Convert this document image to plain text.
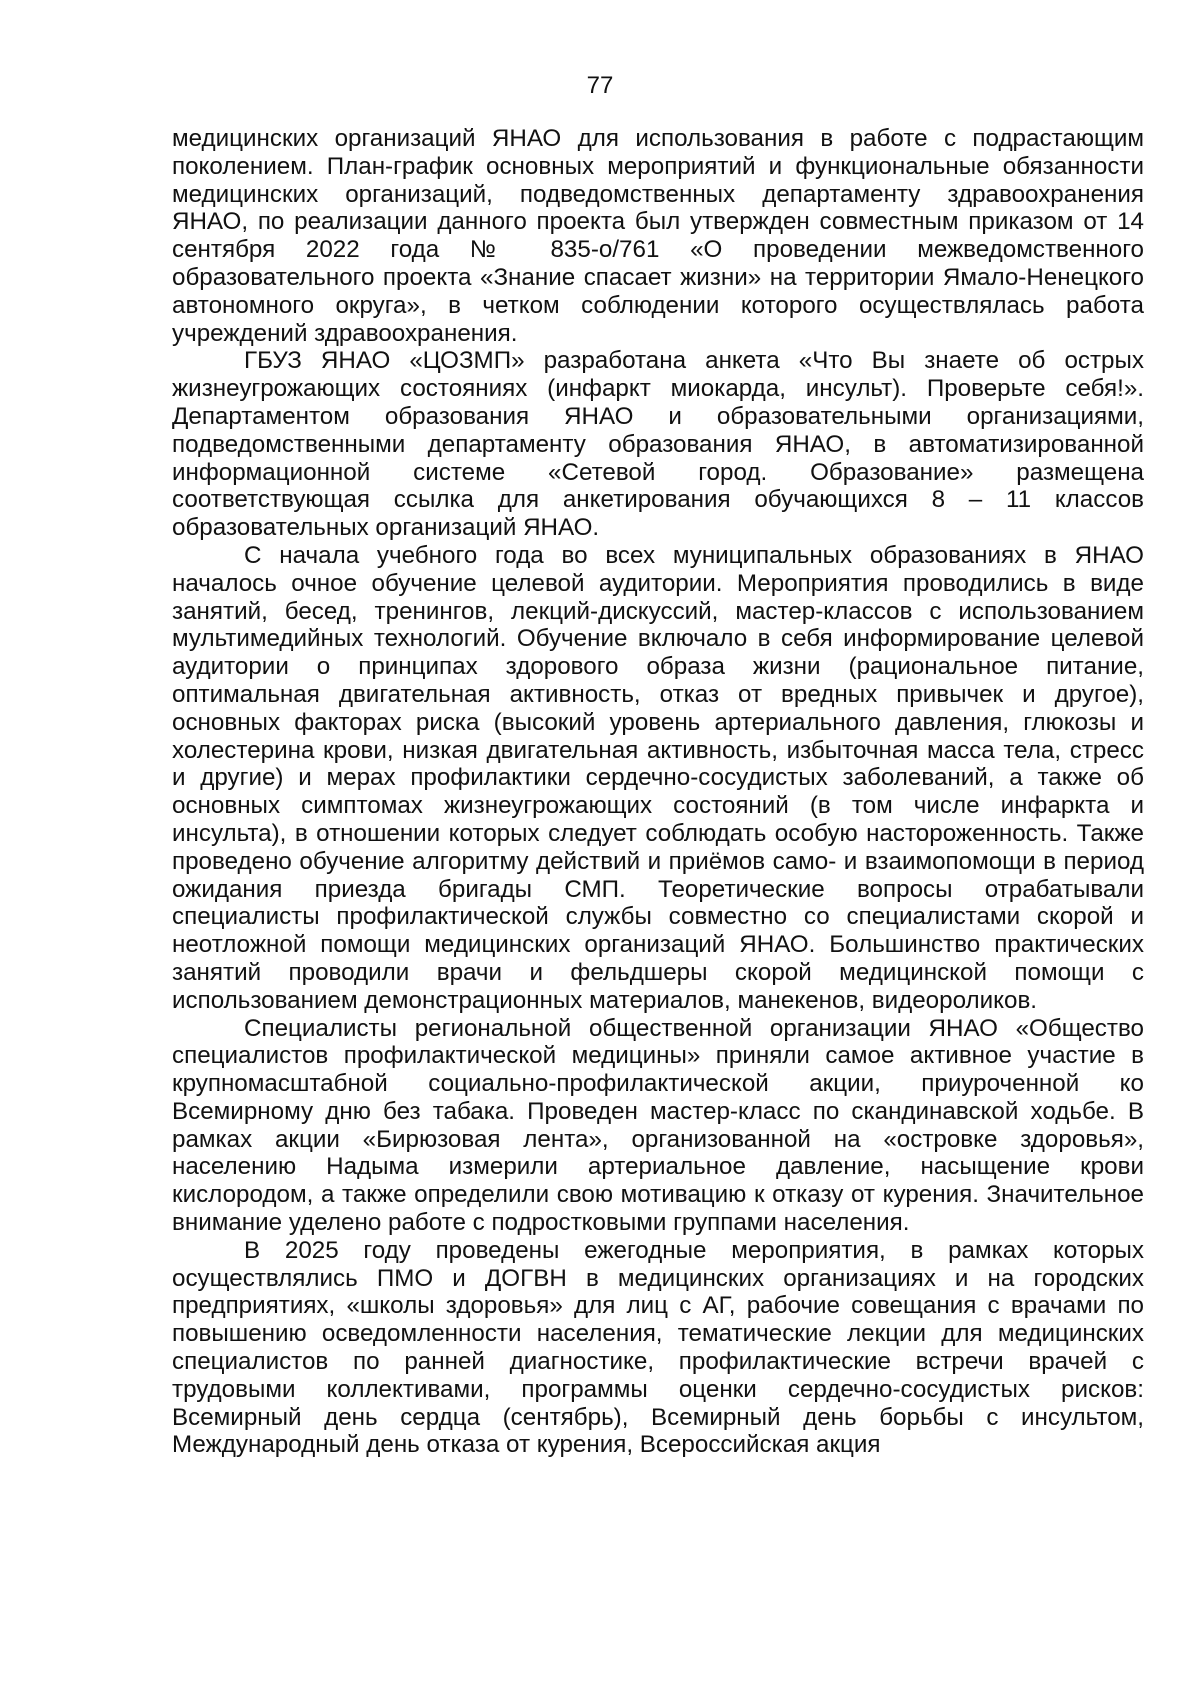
77

медицинских организаций ЯНАО для использования в работе с подрастающим поколением. План-график основных мероприятий и функциональные обязанности медицинских организаций, подведомственных департаменту здравоохранения ЯНАО, по реализации данного проекта был утвержден совместным приказом от 14 сентября 2022 года № 835-о/761 «О проведении межведомственного образовательного проекта «Знание спасает жизни» на территории Ямало-Ненецкого автономного округа», в четком соблюдении которого осуществлялась работа учреждений здравоохранения.

ГБУЗ ЯНАО «ЦОЗМП» разработана анкета «Что Вы знаете об острых жизнеугрожающих состояниях (инфаркт миокарда, инсульт). Проверьте себя!». Департаментом образования ЯНАО и образовательными организациями, подведомственными департаменту образования ЯНАО, в автоматизированной информационной системе «Сетевой город. Образование» размещена соответствующая ссылка для анкетирования обучающихся 8 – 11 классов образовательных организаций ЯНАО.

С начала учебного года во всех муниципальных образованиях в ЯНАО началось очное обучение целевой аудитории. Мероприятия проводились в виде занятий, бесед, тренингов, лекций-дискуссий, мастер-классов с использованием мультимедийных технологий. Обучение включало в себя информирование целевой аудитории о принципах здорового образа жизни (рациональное питание, оптимальная двигательная активность, отказ от вредных привычек и другое), основных факторах риска (высокий уровень артериального давления, глюкозы и холестерина крови, низкая двигательная активность, избыточная масса тела, стресс и другие) и мерах профилактики сердечно-сосудистых заболеваний, а также об основных симптомах жизнеугрожающих состояний (в том числе инфаркта и инсульта), в отношении которых следует соблюдать особую настороженность. Также проведено обучение алгоритму действий и приёмов само- и взаимопомощи в период ожидания приезда бригады СМП. Теоретические вопросы отрабатывали специалисты профилактической службы совместно со специалистами скорой и неотложной помощи медицинских организаций ЯНАО. Большинство практических занятий проводили врачи и фельдшеры скорой медицинской помощи с использованием демонстрационных материалов, манекенов, видеороликов.

Специалисты региональной общественной организации ЯНАО «Общество специалистов профилактической медицины» приняли самое активное участие в крупномасштабной социально-профилактической акции, приуроченной ко Всемирному дню без табака. Проведен мастер-класс по скандинавской ходьбе. В рамках акции «Бирюзовая лента», организованной на «островке здоровья», населению Надыма измерили артериальное давление, насыщение крови кислородом, а также определили свою мотивацию к отказу от курения. Значительное внимание уделено работе с подростковыми группами населения.

В 2025 году проведены ежегодные мероприятия, в рамках которых осуществлялись ПМО и ДОГВН в медицинских организациях и на городских предприятиях, «школы здоровья» для лиц с АГ, рабочие совещания с врачами по повышению осведомленности населения, тематические лекции для медицинских специалистов по ранней диагностике, профилактические встречи врачей с трудовыми коллективами, программы оценки сердечно-сосудистых рисков: Всемирный день сердца (сентябрь), Всемирный день борьбы с инсультом, Международный день отказа от курения, Всероссийская акция
